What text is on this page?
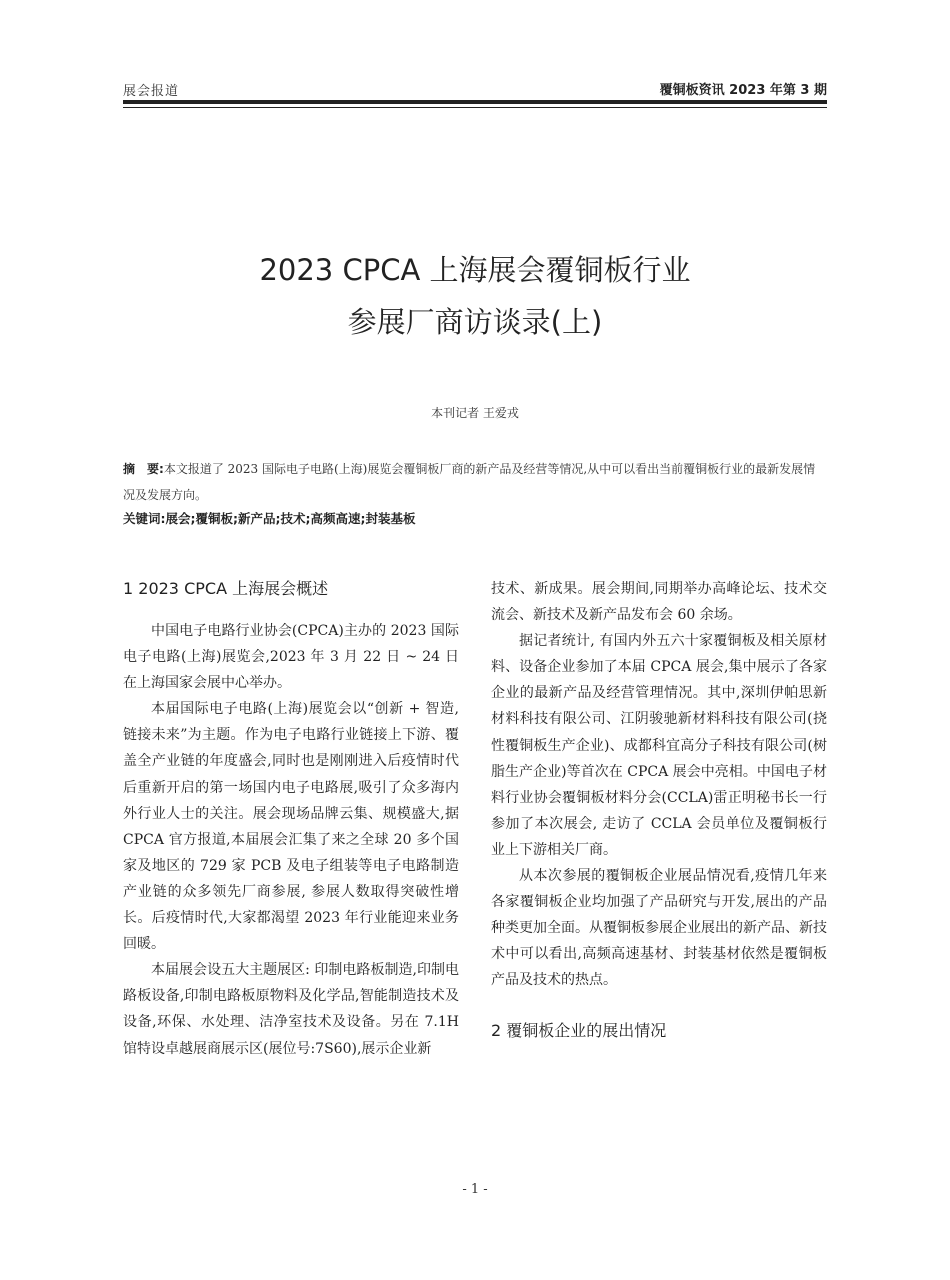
展会报道	覆铜板资讯 2023 年第 3 期
2023 CPCA 上海展会覆铜板行业
参展厂商访谈录(上)
本刊记者 王爱戎
摘　要:本文报道了 2023 国际电子电路(上海)展览会覆铜板厂商的新产品及经营等情况,从中可以看出当前覆铜板行业的最新发展情况及发展方向。
关键词:展会;覆铜板;新产品;技术;高频高速;封装基板
1 2023 CPCA 上海展会概述

中国电子电路行业协会(CPCA)主办的 2023 国际电子电路(上海)展览会,2023 年 3 月 22 日 ~ 24 日在上海国家会展中心举办。

本届国际电子电路(上海)展览会以“创新 + 智造,链接未来”为主题。作为电子电路行业链接上下游、覆盖全产业链的年度盛会,同时也是刚刚进入后疫情时代后重新开启的第一场国内电子电路展,吸引了众多海内外行业人士的关注。展会现场品牌云集、规模盛大,据 CPCA 官方报道,本届展会汇集了来之全球 20 多个国家及地区的 729 家 PCB 及电子组装等电子电路制造产业链的众多领先厂商参展, 参展人数取得突破性增长。后疫情时代,大家都渴望 2023 年行业能迎来业务回暖。

本届展会设五大主题展区: 印制电路板制造,印制电路板设备,印制电路板原物料及化学品,智能制造技术及设备,环保、水处理、洁净室技术及设备。另在 7.1H 馆特设卓越展商展示区(展位号:7S60),展示企业新

技术、新成果。展会期间,同期举办高峰论坛、技术交流会、新技术及新产品发布会 60 余场。

据记者统计, 有国内外五六十家覆铜板及相关原材料、设备企业参加了本届 CPCA 展会,集中展示了各家企业的最新产品及经营管理情况。其中,深圳伊帕思新材料科技有限公司、江阴骏驰新材料科技有限公司(挠性覆铜板生产企业)、成都科宜高分子科技有限公司(树脂生产企业)等首次在 CPCA 展会中亮相。中国电子材料行业协会覆铜板材料分会(CCLA)雷正明秘书长一行参加了本次展会, 走访了 CCLA 会员单位及覆铜板行业上下游相关厂商。

从本次参展的覆铜板企业展品情况看,疫情几年来各家覆铜板企业均加强了产品研究与开发,展出的产品种类更加全面。从覆铜板参展企业展出的新产品、新技术中可以看出,高频高速基材、封装基材依然是覆铜板产品及技术的热点。

2 覆铜板企业的展出情况
- 1 -
